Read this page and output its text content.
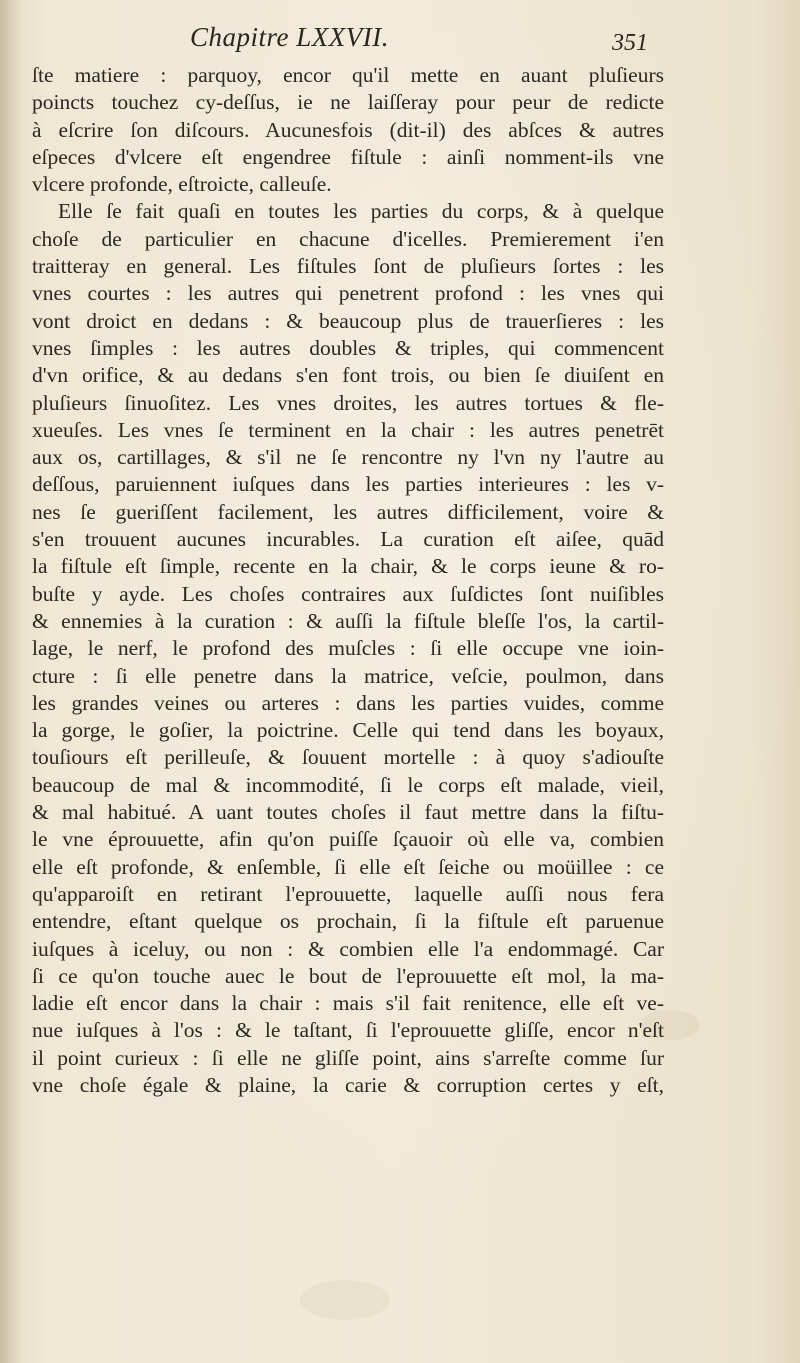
Chapitre LXXVII.	351
ſte matiere : parquoy, encor qu'il mette en auant pluſieurs
poincts touchez cy-deſſus, ie ne laiſſeray pour peur de redicte
à eſcrire ſon diſcours. Aucunesfois (dit-il) des abſces & autres
eſpeces d'vlcere eſt engendree fiſtule : ainſi nomment-ils vne
vlcere profonde, eſtroicte, calleuſe.
Elle ſe fait quaſi en toutes les parties du corps, & à quelque
choſe de particulier en chacune d'icelles. Premierement i'en
traitteray en general. Les fiſtules ſont de pluſieurs ſortes : les
vnes courtes : les autres qui penetrent profond : les vnes qui
vont droict en dedans : & beaucoup plus de trauerſieres : les
vnes ſimples : les autres doubles & triples, qui commencent
d'vn orifice, & au dedans s'en font trois, ou bien ſe diuiſent en
pluſieurs ſinuoſitez. Les vnes droites, les autres tortues & fle-
xueuſes. Les vnes ſe terminent en la chair : les autres penetrēt
aux os, cartillages, & s'il ne ſe rencontre ny l'vn ny l'autre au
deſſous, paruiennent iuſques dans les parties interieures : les v-
nes ſe gueriſſent facilement, les autres difficilement, voire &
s'en trouuent aucunes incurables. La curation eſt aiſee, quād
la fiſtule eſt ſimple, recente en la chair, & le corps ieune & ro-
buſte y ayde. Les choſes contraires aux ſuſdictes ſont nuiſibles
& ennemies à la curation : & auſſi la fiſtule bleſſe l'os, la cartil-
lage, le nerf, le profond des muſcles : ſi elle occupe vne ioin-
cture : ſi elle penetre dans la matrice, veſcie, poulmon, dans
les grandes veines ou arteres : dans les parties vuides, comme
la gorge, le goſier, la poictrine. Celle qui tend dans les boyaux,
touſiours eſt perilleuſe, & ſouuent mortelle : à quoy s'adiouſte
beaucoup de mal & incommodité, ſi le corps eſt malade, vieil,
& mal habitué. A uant toutes choſes il faut mettre dans la fiſtu-
le vne éprouuette, afin qu'on puiſſe ſçauoir où elle va, combien
elle eſt profonde, & enſemble, ſi elle eſt ſeiche ou moüillee : ce
qu'apparoiſt en retirant l'eprouuette, laquelle auſſi nous fera
entendre, eſtant quelque os prochain, ſi la fiſtule eſt paruenue
iuſques à iceluy, ou non : & combien elle l'a endommagé. Car
ſi ce qu'on touche auec le bout de l'eprouuette eſt mol, la ma-
ladie eſt encor dans la chair : mais s'il fait renitence, elle eſt ve-
nue iuſques à l'os : & le taſtant, ſi l'eprouuette gliſſe, encor n'eſt
il point curieux : ſi elle ne gliſſe point, ains s'arreſte comme ſur
vne choſe égale & plaine, la carie & corruption certes y eſt,
